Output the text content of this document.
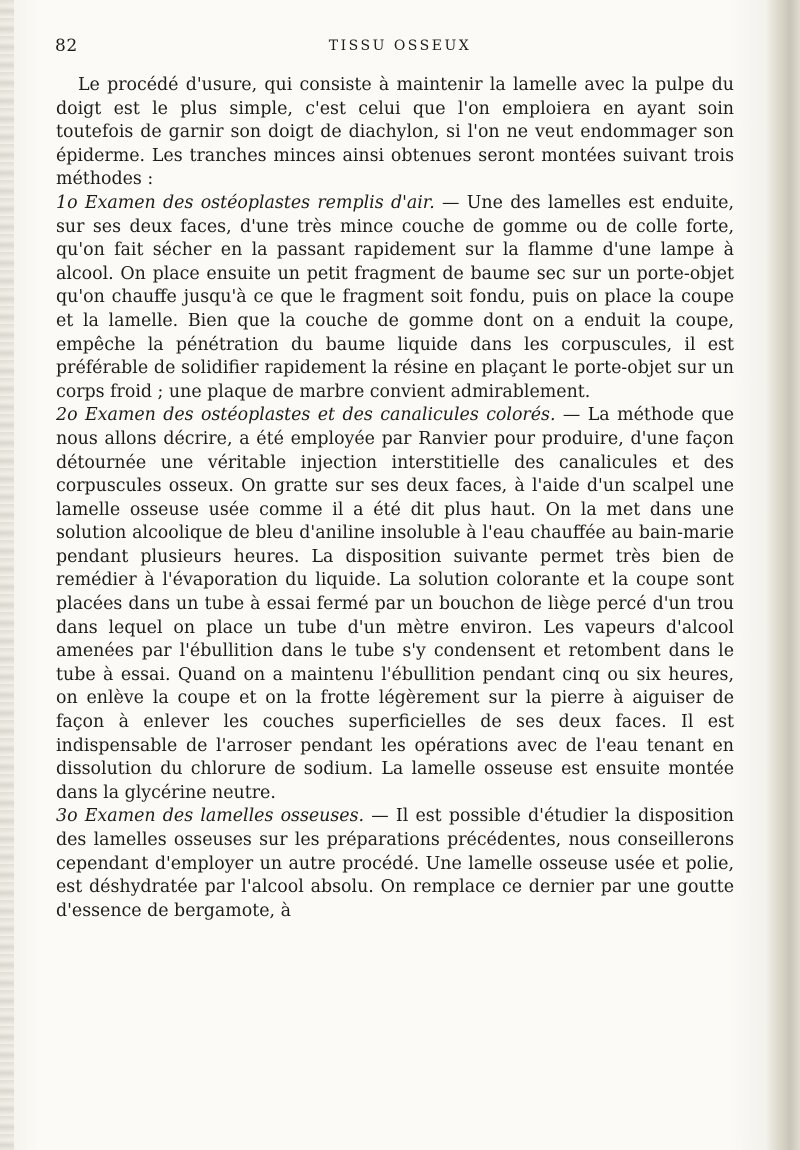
82	TISSU OSSEUX

Le procédé d'usure, qui consiste à maintenir la lamelle avec la pulpe du doigt est le plus simple, c'est celui que l'on emploiera en ayant soin toutefois de garnir son doigt de diachylon, si l'on ne veut endommager son épiderme. Les tranches minces ainsi obtenues seront montées suivant trois méthodes :

1o Examen des ostéoplastes remplis d'air. — Une des lamelles est enduite, sur ses deux faces, d'une très mince couche de gomme ou de colle forte, qu'on fait sécher en la passant rapidement sur la flamme d'une lampe à alcool. On place ensuite un petit fragment de baume sec sur un porte-objet qu'on chauffe jusqu'à ce que le fragment soit fondu, puis on place la coupe et la lamelle. Bien que la couche de gomme dont on a enduit la coupe, empêche la pénétration du baume liquide dans les corpuscules, il est préférable de solidifier rapidement la résine en plaçant le porte-objet sur un corps froid ; une plaque de marbre convient admirablement.

2o Examen des ostéoplastes et des canalicules colorés. — La méthode que nous allons décrire, a été employée par Ranvier pour produire, d'une façon détournée une véritable injection interstitielle des canalicules et des corpuscules osseux. On gratte sur ses deux faces, à l'aide d'un scalpel une lamelle osseuse usée comme il a été dit plus haut. On la met dans une solution alcoolique de bleu d'aniline insoluble à l'eau chauffée au bain-marie pendant plusieurs heures. La disposition suivante permet très bien de remédier à l'évaporation du liquide. La solution colorante et la coupe sont placées dans un tube à essai fermé par un bouchon de liège percé d'un trou dans lequel on place un tube d'un mètre environ. Les vapeurs d'alcool amenées par l'ébullition dans le tube s'y condensent et retombent dans le tube à essai. Quand on a maintenu l'ébullition pendant cinq ou six heures, on enlève la coupe et on la frotte légèrement sur la pierre à aiguiser de façon à enlever les couches superficielles de ses deux faces. Il est indispensable de l'arroser pendant les opérations avec de l'eau tenant en dissolution du chlorure de sodium. La lamelle osseuse est ensuite montée dans la glycérine neutre.

3o Examen des lamelles osseuses. — Il est possible d'étudier la disposition des lamelles osseuses sur les préparations précédentes, nous conseillerons cependant d'employer un autre procédé. Une lamelle osseuse usée et polie, est déshydratée par l'alcool absolu. On remplace ce dernier par une goutte d'essence de bergamote, à
